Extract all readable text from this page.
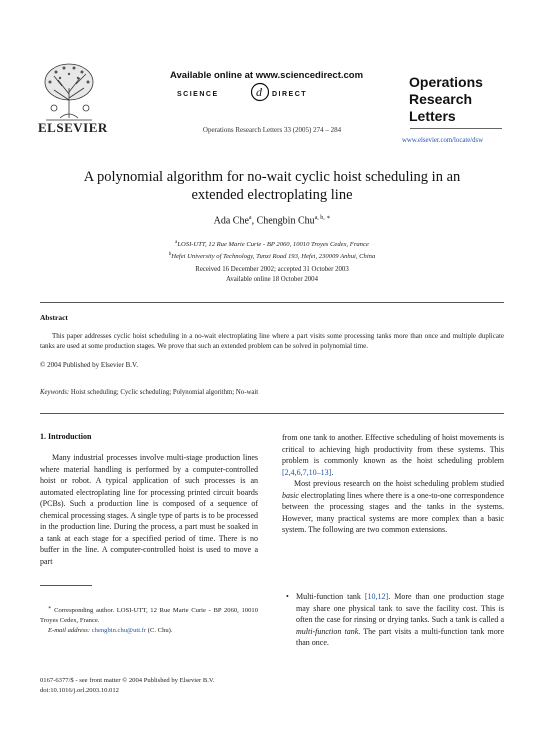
ELSEVIER
Available online at www.sciencedirect.com
SCIENCE	d DIRECT
Operations Research Letters 33 (2005) 274 – 284
Operations
Research
Letters
www.elsevier.com/locate/dsw
A polynomial algorithm for no-wait cyclic hoist scheduling in an
extended electroplating line
Ada Che$^a$, Chengbin Chu$^{a, b, ∗}$
$^a$LOSI-UTT, 12 Rue Marie Curie - BP 2060, 10010 Troyes Cedex, France
$^b$Hefei University of Technology, Tunxi Road 193, Hefei, 230009 Anhui, China
Received 16 December 2002; accepted 31 October 2003
Available online 18 October 2004
Abstract

This paper addresses cyclic hoist scheduling in a no-wait electroplating line where a part visits some processing tanks more than once and multiple duplicate tanks are used at some production stages. We prove that such an extended problem can be solved in polynomial time.

© 2004 Published by Elsevier B.V.
Keywords: Hoist scheduling; Cyclic scheduling; Polynomial algorithm; No-wait
1. Introduction

Many industrial processes involve multi-stage production lines where material handling is performed by a computer-controlled hoist or robot. A typical application of such processes is an automated electroplating line for processing printed circuit boards (PCBs). Such a production line is composed of a sequence of chemical processing stages. A single type of parts is to be processed in the production line. During the process, a part must be soaked in a tank at each stage for a specified period of time. There is no buffer in the line. A computer-controlled hoist is used to move a part

from one tank to another. Effective scheduling of hoist movements is critical to achieving high productivity from these systems. This problem is commonly known as the hoist scheduling problem [2,4,6,7,10–13].

Most previous research on the hoist scheduling problem studied basic electroplating lines where there is a one-to-one correspondence between the processing stages and the tanks in the systems. However, many practical systems are more complex than a basic system. The following are two common extensions.

• Multi-function tank [10,12]. More than one production stage may share one physical tank to save the facility cost. This is often the case for rinsing or drying tanks. Such a tank is called a multi-function tank. The part visits a multi-function tank more than once.
∗ Corresponding author. LOSI-UTT, 12 Rue Marie Curie - BP 2060, 10010 Troyes Cedex, France.
E-mail address: chengbin.chu@utt.fr (C. Chu).
0167-6377/$ - see front matter © 2004 Published by Elsevier B.V.
doi:10.1016/j.orl.2003.10.012
